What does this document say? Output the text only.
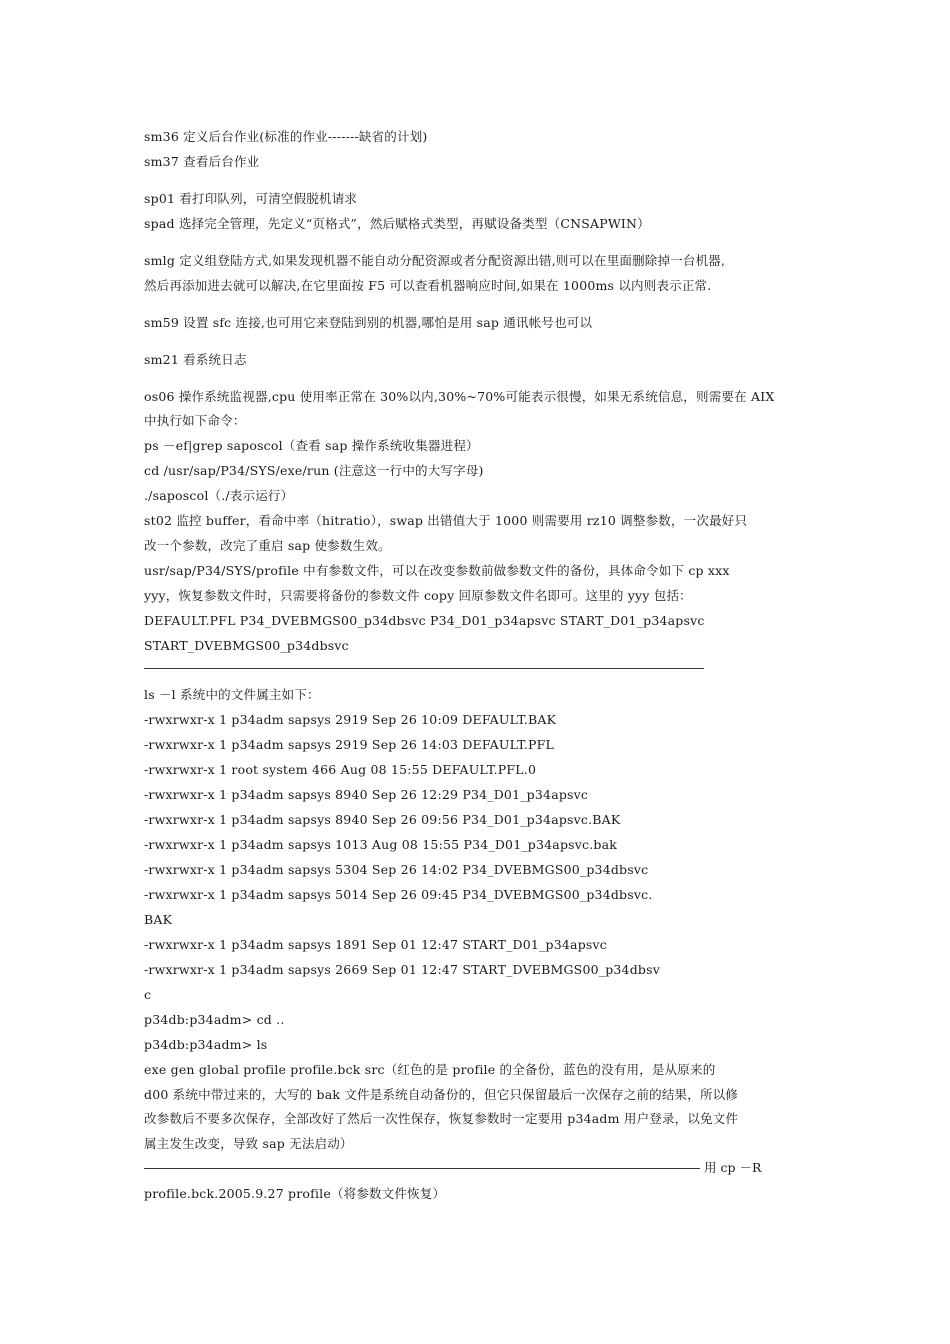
sm36 定义后台作业(标准的作业-------缺省的计划)
sm37 查看后台作业
sp01 看打印队列，可清空假脱机请求
spad 选择完全管理，先定义“页格式”，然后赋格式类型，再赋设备类型（CNSAPWIN）
smlg 定义组登陆方式,如果发现机器不能自动分配资源或者分配资源出错,则可以在里面删除掉一台机器,
然后再添加进去就可以解决,在它里面按 F5 可以查看机器响应时间,如果在 1000ms 以内则表示正常.
sm59 设置 sfc 连接,也可用它来登陆到别的机器,哪怕是用 sap 通讯帐号也可以
sm21 看系统日志
os06 操作系统监视器,cpu 使用率正常在 30%以内,30%~70%可能表示很慢，如果无系统信息，则需要在 AIX
中执行如下命令：
ps －ef|grep saposcol（查看 sap 操作系统收集器进程）
cd /usr/sap/P34/SYS/exe/run (注意这一行中的大写字母)
./saposcol（./表示运行）
st02 监控 buffer，看命中率（hitratio），swap 出错值大于 1000 则需要用 rz10 调整参数，一次最好只
改一个参数，改完了重启 sap 使参数生效。
usr/sap/P34/SYS/profile 中有参数文件，可以在改变参数前做参数文件的备份，具体命令如下 cp xxx
yyy，恢复参数文件时，只需要将备份的参数文件 copy 回原参数文件名即可。这里的 yyy 包括：
DEFAULT.PFL P34_DVEBMGS00_p34dbsvc P34_D01_p34apsvc START_D01_p34apsvc
START_DVEBMGS00_p34dbsvc
ls －l 系统中的文件属主如下：
-rwxrwxr-x 1 p34adm sapsys 2919 Sep 26 10:09 DEFAULT.BAK
-rwxrwxr-x 1 p34adm sapsys 2919 Sep 26 14:03 DEFAULT.PFL
-rwxrwxr-x 1 root system 466 Aug 08 15:55 DEFAULT.PFL.0
-rwxrwxr-x 1 p34adm sapsys 8940 Sep 26 12:29 P34_D01_p34apsvc
-rwxrwxr-x 1 p34adm sapsys 8940 Sep 26 09:56 P34_D01_p34apsvc.BAK
-rwxrwxr-x 1 p34adm sapsys 1013 Aug 08 15:55 P34_D01_p34apsvc.bak
-rwxrwxr-x 1 p34adm sapsys 5304 Sep 26 14:02 P34_DVEBMGS00_p34dbsvc
-rwxrwxr-x 1 p34adm sapsys 5014 Sep 26 09:45 P34_DVEBMGS00_p34dbsvc.
BAK
-rwxrwxr-x 1 p34adm sapsys 1891 Sep 01 12:47 START_D01_p34apsvc
-rwxrwxr-x 1 p34adm sapsys 2669 Sep 01 12:47 START_DVEBMGS00_p34dbsv
c
p34db:p34adm> cd ..
p34db:p34adm> ls
exe gen global profile profile.bck src（红色的是 profile 的全备份，蓝色的没有用，是从原来的
d00 系统中带过来的，大写的 bak 文件是系统自动备份的，但它只保留最后一次保存之前的结果，所以修
改参数后不要多次保存，全部改好了然后一次性保存，恢复参数时一定要用 p34adm 用户登录，以免文件
属主发生改变，导致 sap 无法启动）
用 cp －R
profile.bck.2005.9.27 profile（将参数文件恢复）
